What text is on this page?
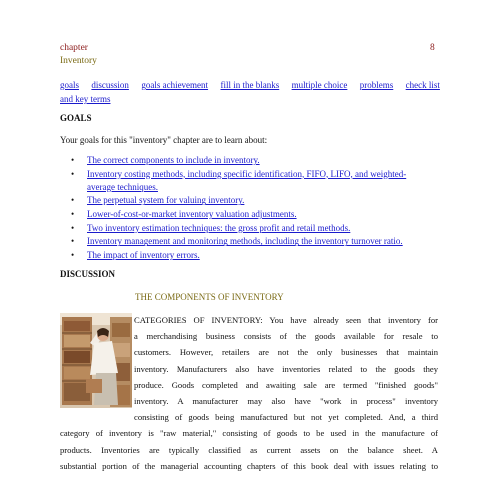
chapter	8
Inventory
goals discussion goals achievement fill in the blanks multiple choice problems check list
and key terms
GOALS
Your goals for this "inventory" chapter are to learn about:
• The correct components to include in inventory.
• Inventory costing methods, including specific identification, FIFO, LIFO, and weighted-
average techniques.
• The perpetual system for valuing inventory.
• Lower-of-cost-or-market inventory valuation adjustments.
• Two inventory estimation techniques: the gross profit and retail methods.
• Inventory management and monitoring methods, including the inventory turnover ratio.
• The impact of inventory errors.
DISCUSSION
THE COMPONENTS OF INVENTORY
CATEGORIES OF INVENTORY: You have already seen that inventory for
a merchandising business consists of the goods available for resale to
customers. However, retailers are not the only businesses that maintain
inventory. Manufacturers also have inventories related to the goods they
produce. Goods completed and awaiting sale are termed "finished goods"
inventory. A manufacturer may also have "work in process" inventory
consisting of goods being manufactured but not yet completed. And, a third
category of inventory is "raw material," consisting of goods to be used in the manufacture of
products. Inventories are typically classified as current assets on the balance sheet. A
substantial portion of the managerial accounting chapters of this book deal with issues relating to
